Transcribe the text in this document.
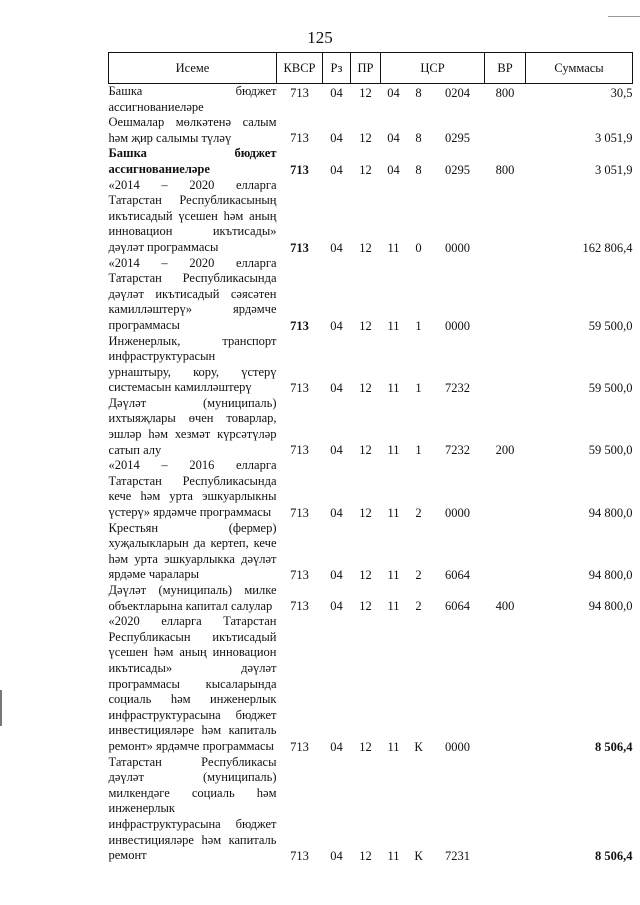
125
Исеме	КВСР	Рз	ПР	ЦСР			ВР	Суммасы
Башка бюджет ассигнованиеләре	713	04	12	04	8	0204	800	30,5
Оешмалар мөлкәтенә салым һәм җир салымы түләү	713	04	12	04	8	0295		3 051,9
Башка бюджет ассигнованиеләре	713	04	12	04	8	0295	800	3 051,9
«2014 – 2020 елларга Татарстан Республикасының икътисадый үсешен һәм аның инновацион икътисады» дәүләт программасы	713	04	12	11	0	0000		162 806,4
«2014 – 2020 елларга Татарстан Республикасында дәүләт икътисадый сәясәтен камилләштерү» ярдәмче программасы	713	04	12	11	1	0000		59 500,0
Инженерлык, транспорт инфраструктурасын урнаштыру, кору, үстерү системасын камилләштерү	713	04	12	11	1	7232		59 500,0
Дәүләт (муниципаль) ихтыяҗлары өчен товарлар, эшләр һәм хезмәт күрсәтүләр сатып алу	713	04	12	11	1	7232	200	59 500,0
«2014 – 2016 елларга Татарстан Республикасында кече һәм урта эшкуарлыкны үстерү» ярдәмче программасы	713	04	12	11	2	0000		94 800,0
Крестьян (фермер) хуҗалыкларын да кертеп, кече һәм урта эшкуарлыкка дәүләт ярдәме чаралары	713	04	12	11	2	6064		94 800,0
Дәүләт (муниципаль) милке объектларына капитал салулар	713	04	12	11	2	6064	400	94 800,0
«2020 елларга Татарстан Республикасын икътисадый үсешен һәм аның инновацион икътисады» дәүләт программасы кысаларында социаль һәм инженерлык инфраструктурасына бюджет инвестицияләре һәм капиталь ремонт» ярдәмче программасы	713	04	12	11	К	0000		8 506,4
Татарстан Республикасы дәүләт (муниципаль) милкендәге социаль һәм инженерлык инфраструктурасына бюджет инвестицияләре һәм капиталь ремонт	713	04	12	11	К	7231		8 506,4
